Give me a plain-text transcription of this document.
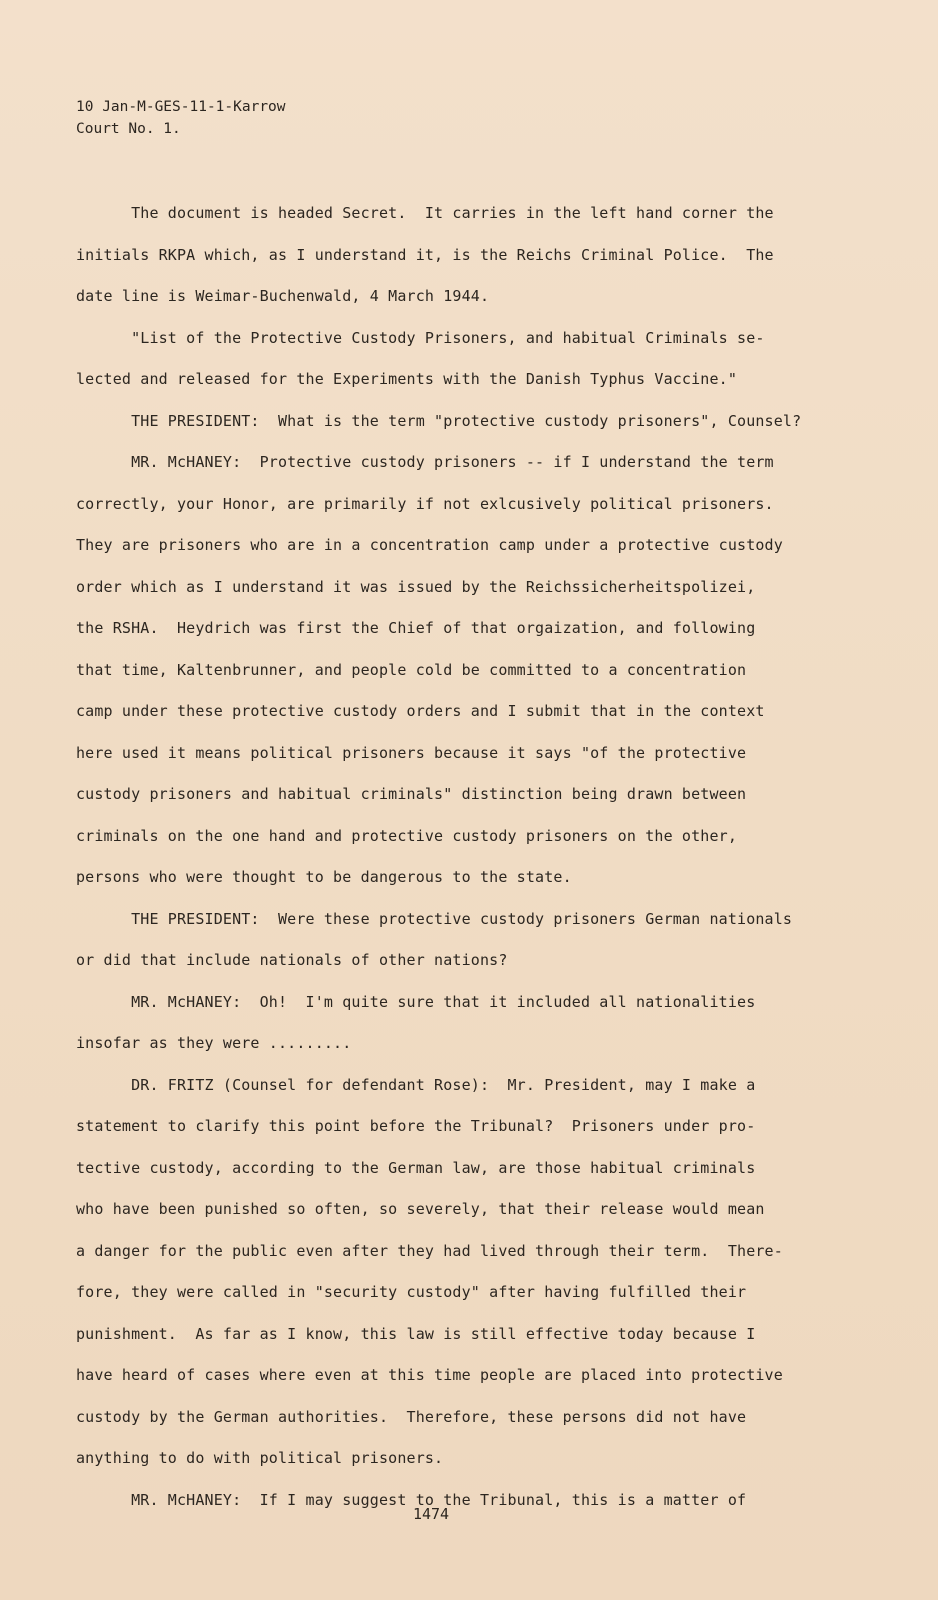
10 Jan-M-GES-11-1-Karrow
Court No. 1.
The document is headed Secret.  It carries in the left hand corner the
initials RKPA which, as I understand it, is the Reichs Criminal Police.  The
date line is Weimar-Buchenwald, 4 March 1944.
"List of the Protective Custody Prisoners, and habitual Criminals se-
lected and released for the Experiments with the Danish Typhus Vaccine."
THE PRESIDENT:  What is the term "protective custody prisoners", Counsel?
MR. McHANEY:  Protective custody prisoners -- if I understand the term
correctly, your Honor, are primarily if not exlcusively political prisoners.
They are prisoners who are in a concentration camp under a protective custody
order which as I understand it was issued by the Reichssicherheitspolizei,
the RSHA.  Heydrich was first the Chief of that orgaization, and following
that time, Kaltenbrunner, and people cold be committed to a concentration
camp under these protective custody orders and I submit that in the context
here used it means political prisoners because it says "of the protective
custody prisoners and habitual criminals" distinction being drawn between
criminals on the one hand and protective custody prisoners on the other,
persons who were thought to be dangerous to the state.
THE PRESIDENT:  Were these protective custody prisoners German nationals
or did that include nationals of other nations?
MR. McHANEY:  Oh!  I'm quite sure that it included all nationalities
insofar as they were .........
DR. FRITZ (Counsel for defendant Rose):  Mr. President, may I make a
statement to clarify this point before the Tribunal?  Prisoners under pro-
tective custody, according to the German law, are those habitual criminals
who have been punished so often, so severely, that their release would mean
a danger for the public even after they had lived through their term.  There-
fore, they were called in "security custody" after having fulfilled their
punishment.  As far as I know, this law is still effective today because I
have heard of cases where even at this time people are placed into protective
custody by the German authorities.  Therefore, these persons did not have
anything to do with political prisoners.
MR. McHANEY:  If I may suggest to the Tribunal, this is a matter of
1474
